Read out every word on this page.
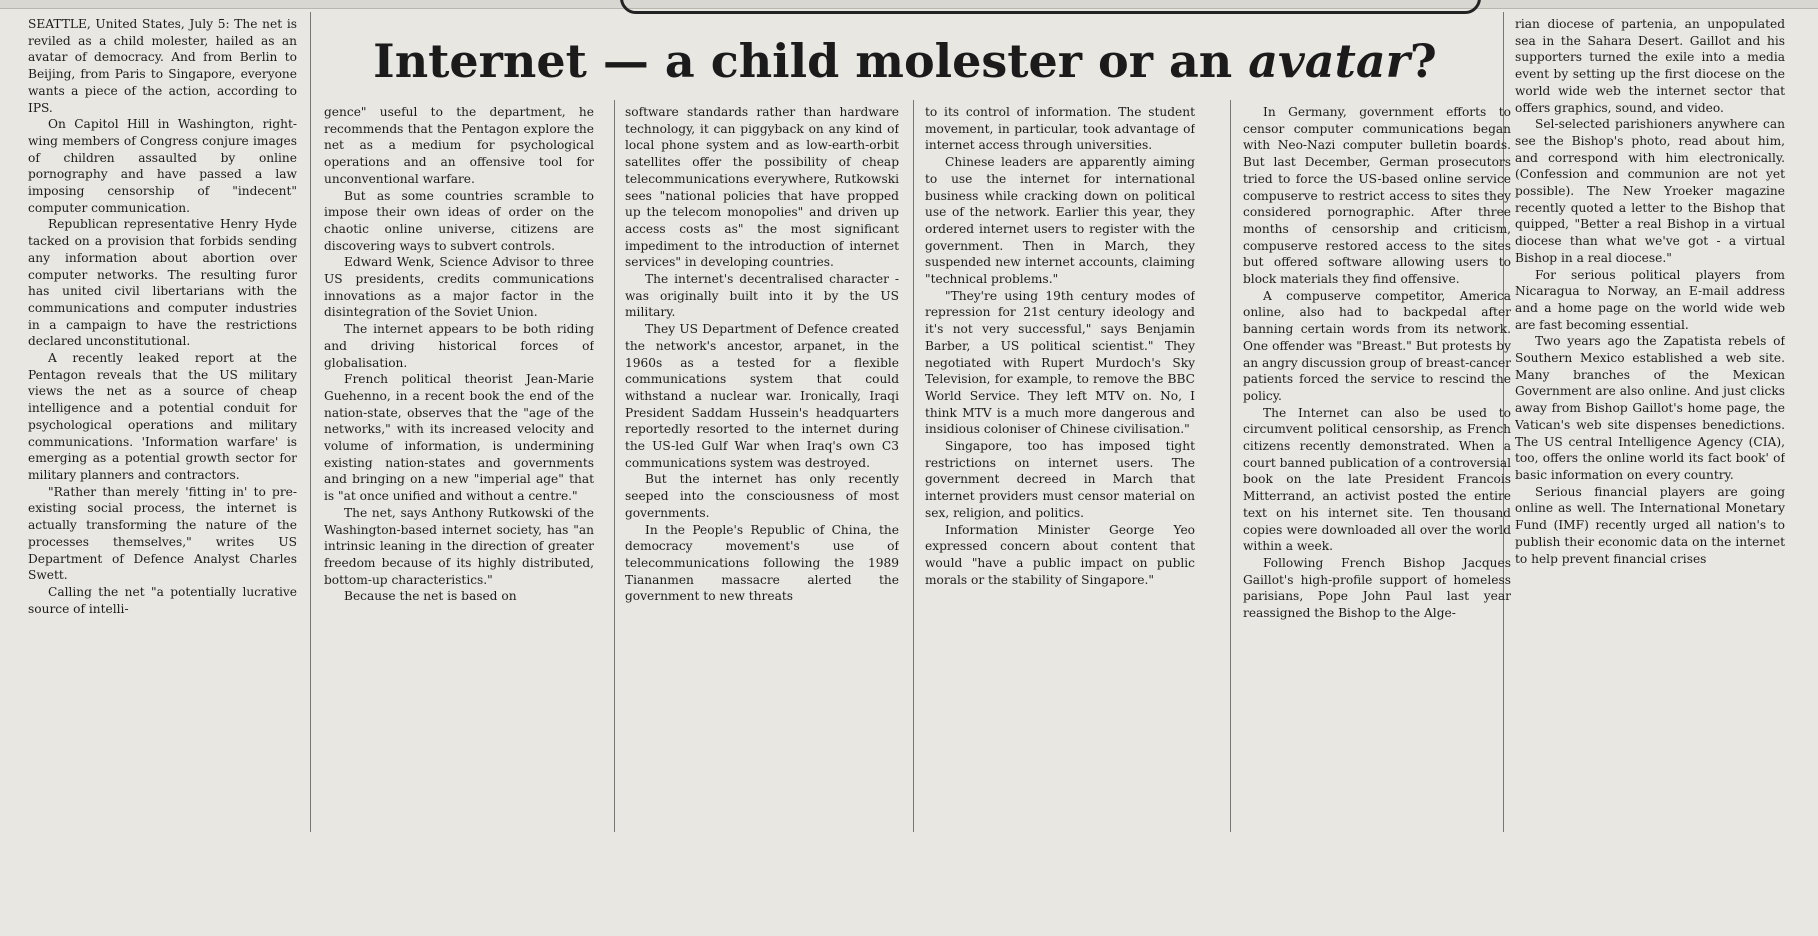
Internet — a child molester or an avatar?

SEATTLE, United States, July 5: The net is reviled as a child molester, hailed as an avatar of democracy. And from Berlin to Beijing, from Paris to Singapore, everyone wants a piece of the action, according to IPS.

On Capitol Hill in Washington, right-wing members of Congress conjure images of children assaulted by online pornography and have passed a law imposing censorship of "indecent" computer communication.

Republican representative Henry Hyde tacked on a provision that forbids sending any information about abortion over computer networks. The resulting furor has united civil libertarians with the communications and computer industries in a campaign to have the restrictions declared unconstitutional.

A recently leaked report at the Pentagon reveals that the US military views the net as a source of cheap intelligence and a potential conduit for psychological operations and military communications. 'Information warfare' is emerging as a potential growth sector for military planners and contractors.

"Rather than merely 'fitting in' to pre-existing social process, the internet is actually transforming the nature of the processes themselves," writes US Department of Defence Analyst Charles Swett.

Calling the net "a potentially lucrative source of intelli-

gence" useful to the department, he recommends that the Pentagon explore the net as a medium for psychological operations and an offensive tool for unconventional warfare.

But as some countries scramble to impose their own ideas of order on the chaotic online universe, citizens are discovering ways to subvert controls.

Edward Wenk, Science Advisor to three US presidents, credits communications innovations as a major factor in the disintegration of the Soviet Union.

The internet appears to be both riding and driving historical forces of globalisation.

French political theorist Jean-Marie Guehenno, in a recent book the end of the nation-state, observes that the "age of the networks," with its increased velocity and volume of information, is undermining existing nation-states and governments and bringing on a new "imperial age" that is "at once unified and without a centre."

The net, says Anthony Rutkowski of the Washington-based internet society, has "an intrinsic leaning in the direction of greater freedom because of its highly distributed, bottom-up characteristics."

Because the net is based on

software standards rather than hardware technology, it can piggyback on any kind of local phone system and as low-earth-orbit satellites offer the possibility of cheap telecommunications everywhere, Rutkowski sees "national policies that have propped up the telecom monopolies" and driven up access costs as" the most significant impediment to the introduction of internet services" in developing countries.

The internet's decentralised character - was originally built into it by the US military.

They US Department of Defence created the network's ancestor, arpanet, in the 1960s as a tested for a flexible communications system that could withstand a nuclear war. Ironically, Iraqi President Saddam Hussein's headquarters reportedly resorted to the internet during the US-led Gulf War when Iraq's own C3 communications system was destroyed.

But the internet has only recently seeped into the consciousness of most governments.

In the People's Republic of China, the democracy movement's use of telecommunications following the 1989 Tiananmen massacre alerted the government to new threats

to its control of information. The student movement, in particular, took advantage of internet access through universities.

Chinese leaders are apparently aiming to use the internet for international business while cracking down on political use of the network. Earlier this year, they ordered internet users to register with the government. Then in March, they suspended new internet accounts, claiming "technical problems."

"They're using 19th century modes of repression for 21st century ideology and it's not very successful," says Benjamin Barber, a US political scientist." They negotiated with Rupert Murdoch's Sky Television, for example, to remove the BBC World Service. They left MTV on. No, I think MTV is a much more dangerous and insidious coloniser of Chinese civilisation."

Singapore, too has imposed tight restrictions on internet users. The government decreed in March that internet providers must censor material on sex, religion, and politics.

Information Minister George Yeo expressed concern about content that would "have a public impact on public morals or the stability of Singapore."

In Germany, government efforts to censor computer communications began with Neo-Nazi computer bulletin boards. But last December, German prosecutors tried to force the US-based online service compuserve to restrict access to sites they considered pornographic. After three months of censorship and criticism, compuserve restored access to the sites but offered software allowing users to block materials they find offensive.

A compuserve competitor, America online, also had to backpedal after banning certain words from its network. One offender was "Breast." But protests by an angry discussion group of breast-cancer patients forced the service to rescind the policy.

The Internet can also be used to circumvent political censorship, as French citizens recently demonstrated. When a court banned publication of a controversial book on the late President Francois Mitterrand, an activist posted the entire text on his internet site. Ten thousand copies were downloaded all over the world within a week.

Following French Bishop Jacques Gaillot's high-profile support of homeless parisians, Pope John Paul last year reassigned the Bishop to the Alge-

rian diocese of partenia, an unpopulated sea in the Sahara Desert. Gaillot and his supporters turned the exile into a media event by setting up the first diocese on the world wide web the internet sector that offers graphics, sound, and video.

Sel-selected parishioners anywhere can see the Bishop's photo, read about him, and correspond with him electronically. (Confession and communion are not yet possible). The New Yroeker magazine recently quoted a letter to the Bishop that quipped, "Better a real Bishop in a virtual diocese than what we've got - a virtual Bishop in a real diocese."

For serious political players from Nicaragua to Norway, an E-mail address and a home page on the world wide web are fast becoming essential.

Two years ago the Zapatista rebels of Southern Mexico established a web site. Many branches of the Mexican Government are also online. And just clicks away from Bishop Gaillot's home page, the Vatican's web site dispenses benedictions. The US central Intelligence Agency (CIA), too, offers the online world its fact book' of basic information on every country.

Serious financial players are going online as well. The International Monetary Fund (IMF) recently urged all nation's to publish their economic data on the internet to help prevent financial crises
